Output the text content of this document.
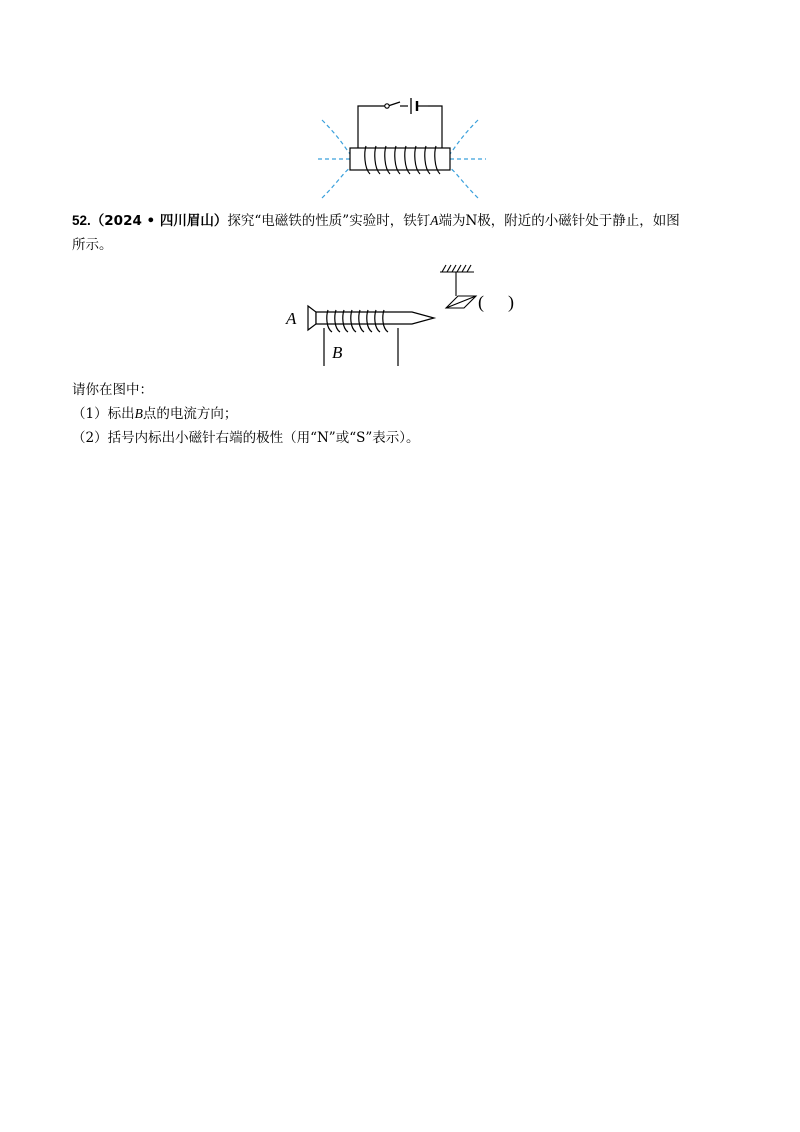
52.（2024 • 四川眉山）探究“电磁铁的性质”实验时，铁钉A端为N极，附近的小磁针处于静止，如图
所示。
( )
A
B
请你在图中：
（1）标出B点的电流方向；
（2）括号内标出小磁针右端的极性（用“N”或“S”表示）。
